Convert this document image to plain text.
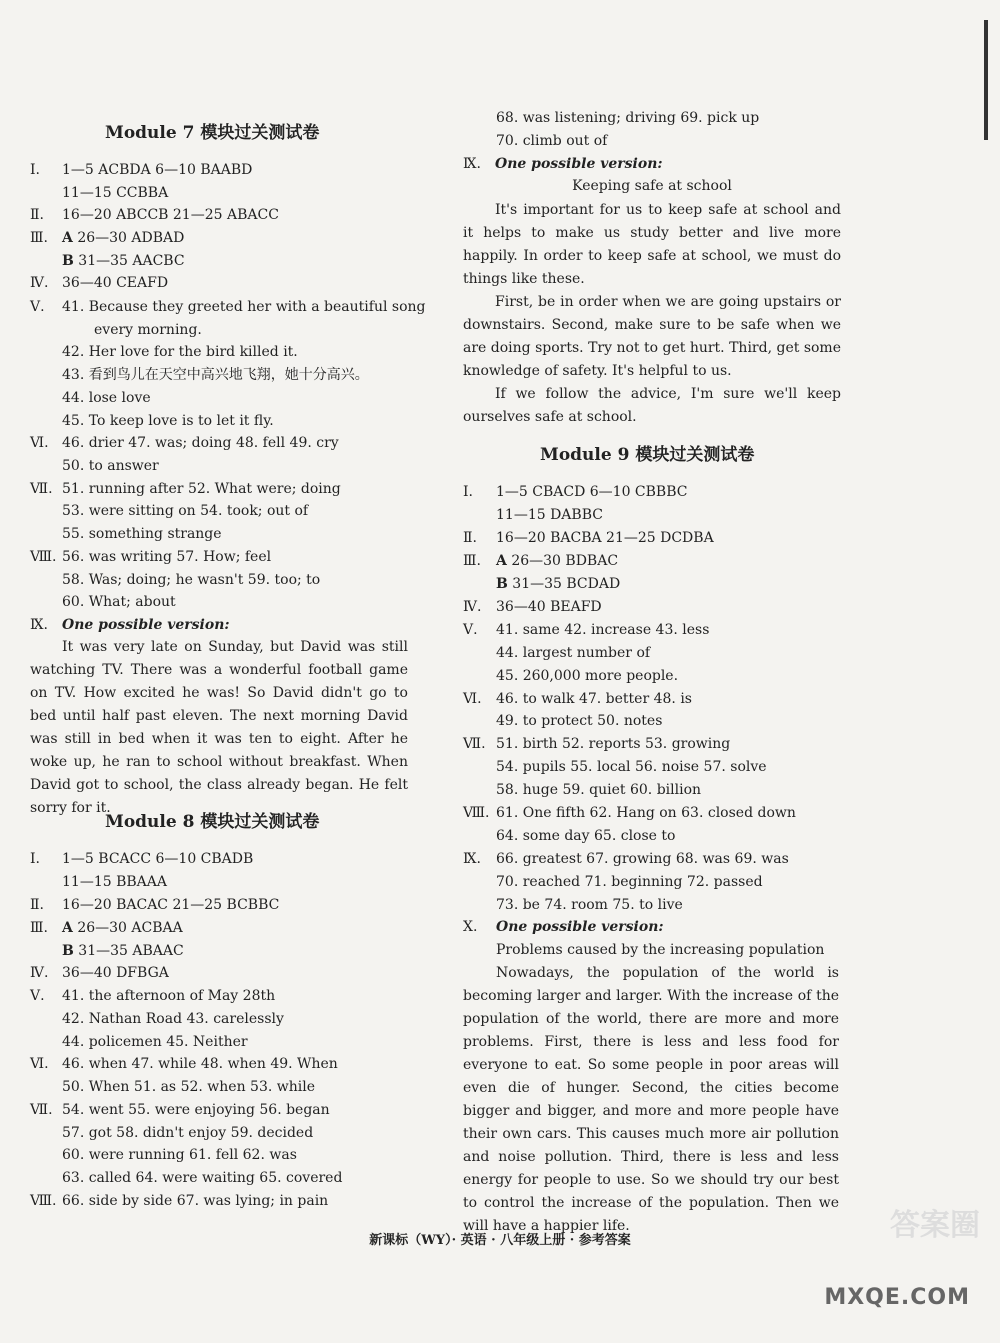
Module 7 模块过关测试卷
Ⅰ.	1—5 ACBDA 6—10 BAABD
11—15 CCBBA
Ⅱ.	16—20 ABCCB 21—25 ABACC
Ⅲ.	A 26—30 ADBAD
B 31—35 AACBC
Ⅳ. 36—40 CEAFD
Ⅴ.	41. Because they greeted her with a beautiful song
every morning.
42. Her love for the bird killed it.
43. 看到鸟儿在天空中高兴地飞翔，她十分高兴。
44. lose love
45. To keep love is to let it fly.
Ⅵ. 46. drier 47. was; doing 48. fell 49. cry
50. to answer
Ⅶ. 51. running after 52. What were; doing
53. were sitting on 54. took; out of
55. something strange
Ⅷ. 56. was writing 57. How; feel
58. Was; doing; he wasn't 59. too; to
60. What; about
Ⅸ.	One possible version:
It was very late on Sunday, but David was still watching TV. There was a wonderful football game on TV. How excited he was! So David didn't go to bed until half past eleven. The next morning David was still in bed when it was ten to eight. After he woke up, he ran to school without breakfast. When David got to school, the class already began. He felt sorry for it.
Module 8 模块过关测试卷
Ⅰ.	1—5 BCACC 6—10 CBADB
11—15 BBAAA
Ⅱ.	16—20 BACAC 21—25 BCBBC
Ⅲ.	A 26—30 ACBAA
B 31—35 ABAAC
Ⅳ. 36—40 DFBGA
Ⅴ.	41. the afternoon of May 28th
42. Nathan Road 43. carelessly
44. policemen 45. Neither
Ⅵ. 46. when 47. while 48. when 49. When
50. When 51. as 52. when 53. while
Ⅶ. 54. went 55. were enjoying 56. began
57. got 58. didn't enjoy 59. decided
60. were running 61. fell 62. was
63. called 64. were waiting 65. covered
Ⅷ. 66. side by side 67. was lying; in pain
68. was listening; driving 69. pick up
70. climb out of
Ⅸ.	One possible version:
Keeping safe at school

It's important for us to keep safe at school and it helps to make us study better and live more happily. In order to keep safe at school, we must do things like these.

First, be in order when we are going upstairs or downstairs. Second, make sure to be safe when we are doing sports. Try not to get hurt. Third, get some knowledge of safety. It's helpful to us.

If we follow the advice, I'm sure we'll keep ourselves safe at school.

Module 9 模块过关测试卷
Ⅰ.	1—5 CBACD 6—10 CBBBC
11—15 DABBC
Ⅱ.	16—20 BACBA 21—25 DCDBA
Ⅲ.	A 26—30 BDBAC
B 31—35 BCDAD
Ⅳ.	36—40 BEAFD
Ⅴ.	41. same 42. increase 43. less
44. largest number of
45. 260,000 more people.
Ⅵ.	46. to walk 47. better 48. is
49. to protect 50. notes
Ⅶ. 51. birth 52. reports 53. growing
54. pupils 55. local 56. noise 57. solve
58. huge 59. quiet 60. billion
Ⅷ. 61. One fifth 62. Hang on 63. closed down
64. some day 65. close to
Ⅸ.	66. greatest 67. growing 68. was 69. was
70. reached 71. beginning 72. passed
73. be 74. room 75. to live
Ⅹ.	One possible version:
Problems caused by the increasing population
Nowadays, the population of the world is becoming larger and larger. With the increase of the population of the world, there are more and more problems. First, there is less and less food for everyone to eat. So some people in poor areas will even die of hunger. Second, the cities become bigger and bigger, and more and more people have their own cars. This causes much more air pollution and noise pollution. Third, there is less and less energy for people to use. So we should try our best to control the increase of the population. Then we will have a happier life.
新课标（WY）· 英语 · 八年级上册 · 参考答案	答案圈
MXQE.COM
